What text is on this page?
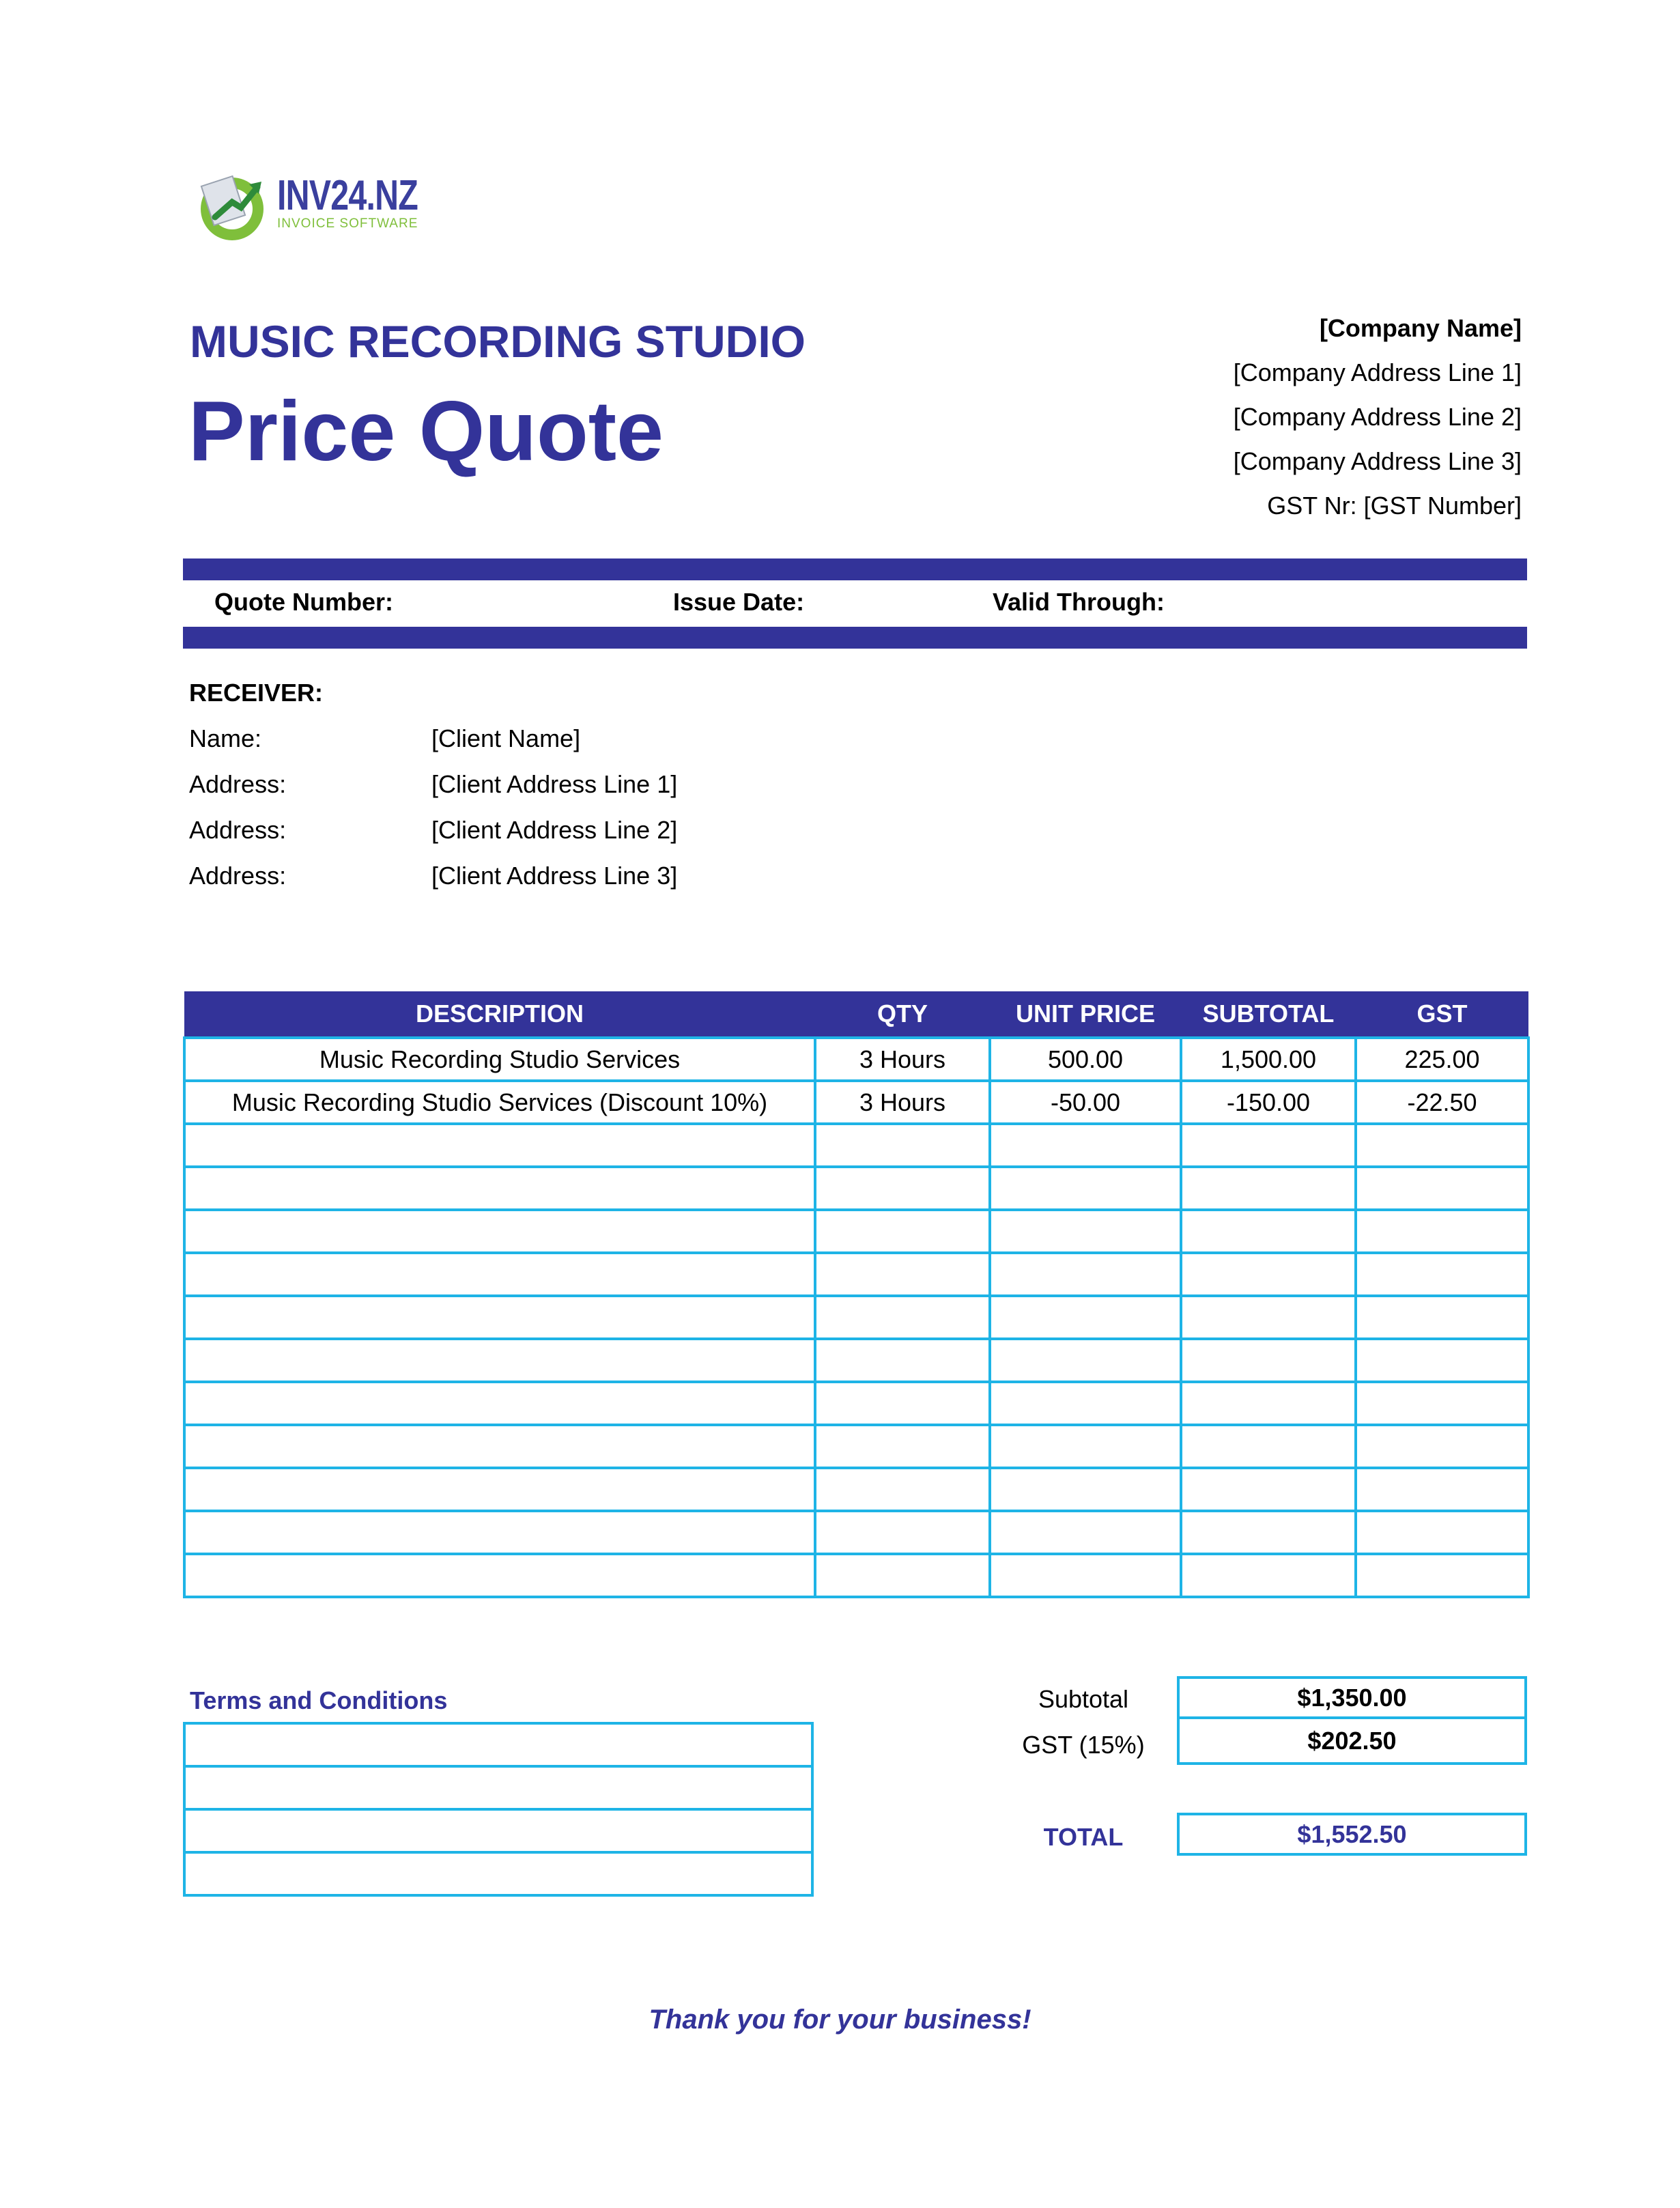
INV24.NZ
INVOICE SOFTWARE
MUSIC RECORDING STUDIO
Price Quote
[Company Name]
[Company Address Line 1]
[Company Address Line 2]
[Company Address Line 3]
GST Nr: [GST Number]
Quote Number:	Issue Date:	Valid Through:
RECEIVER:
Name:	[Client Name]
Address:	[Client Address Line 1]
Address:	[Client Address Line 2]
Address:	[Client Address Line 3]
DESCRIPTION	QTY	UNIT PRICE	SUBTOTAL	GST
Music Recording Studio Services	3 Hours	500.00	1,500.00	225.00
Music Recording Studio Services (Discount 10%)	3 Hours	-50.00	-150.00	-22.50

Terms and Conditions	Subtotal	$1,350.00
GST (15%)	$202.50
TOTAL	$1,552.50
Thank you for your business!
